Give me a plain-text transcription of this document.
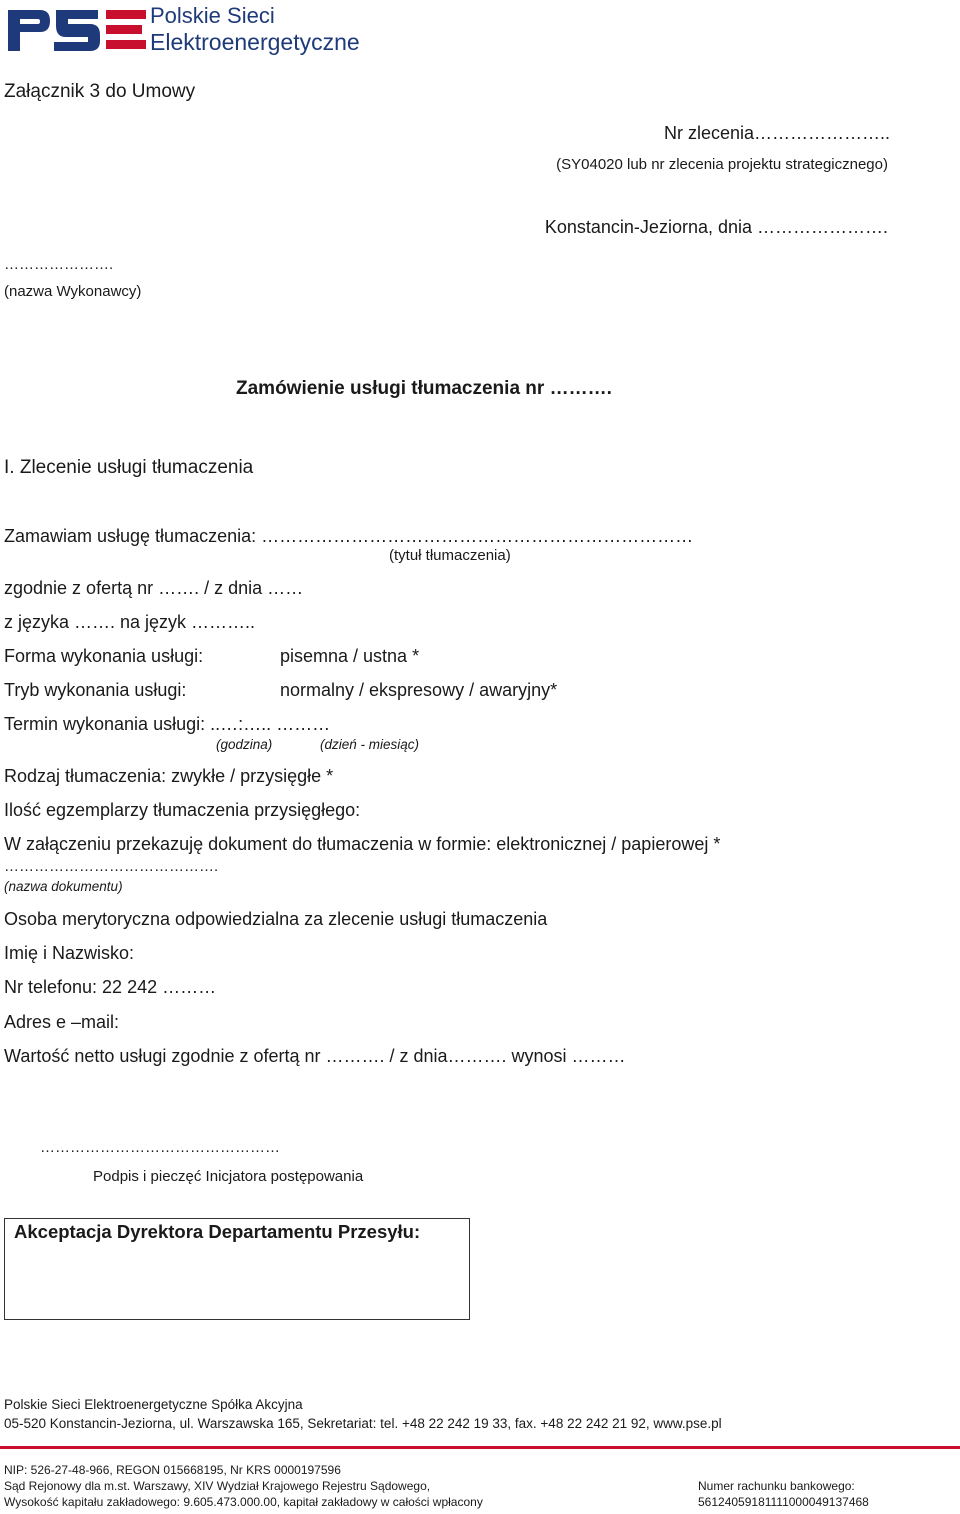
PSE	Polskie Sieci
Elektroenergetyczne
Załącznik 3 do Umowy
Nr zlecenia…………………..
(SY04020 lub nr zlecenia projektu strategicznego)
Konstancin-Jeziorna, dnia ………………….
………………….
(nazwa Wykonawcy)
Zamówienie usługi tłumaczenia nr ……….
I. Zlecenie usługi tłumaczenia
Zamawiam usługę tłumaczenia: ………………………………………………………………
(tytuł tłumaczenia)
zgodnie z ofertą nr ……. / z dnia ……
z języka ……. na język ………..
Forma wykonania usługi:	pisemna / ustna *
Tryb wykonania usługi:	normalny / ekspresowy / awaryjny*
Termin wykonania usługi: ..…:….. ………
(godzina)	(dzień - miesiąc)
Rodzaj tłumaczenia: zwykłe / przysięgłe *
Ilość egzemplarzy tłumaczenia przysięgłego:
W załączeniu przekazuję dokument do tłumaczenia w formie: elektronicznej / papierowej *
…………………………………….
(nazwa dokumentu)
Osoba merytoryczna odpowiedzialna za zlecenie usługi tłumaczenia
Imię i Nazwisko:
Nr telefonu: 22 242 ………
Adres e –mail:
Wartość netto usługi zgodnie z ofertą nr ………. / z dnia………. wynosi ………
…………………………………………
Podpis i pieczęć Inicjatora postępowania
Akceptacja Dyrektora Departamentu Przesyłu:
Polskie Sieci Elektroenergetyczne Spółka Akcyjna
05-520 Konstancin-Jeziorna, ul. Warszawska 165, Sekretariat: tel. +48 22 242 19 33, fax. +48 22 242 21 92, www.pse.pl
NIP: 526-27-48-966, REGON 015668195, Nr KRS 0000197596
Sąd Rejonowy dla m.st. Warszawy, XIV Wydział Krajowego Rejestru Sądowego,
Wysokość kapitału zakładowego: 9.605.473.000.00, kapitał zakładowy w całości wpłacony
Numer rachunku bankowego:
56124059181111000049137468
